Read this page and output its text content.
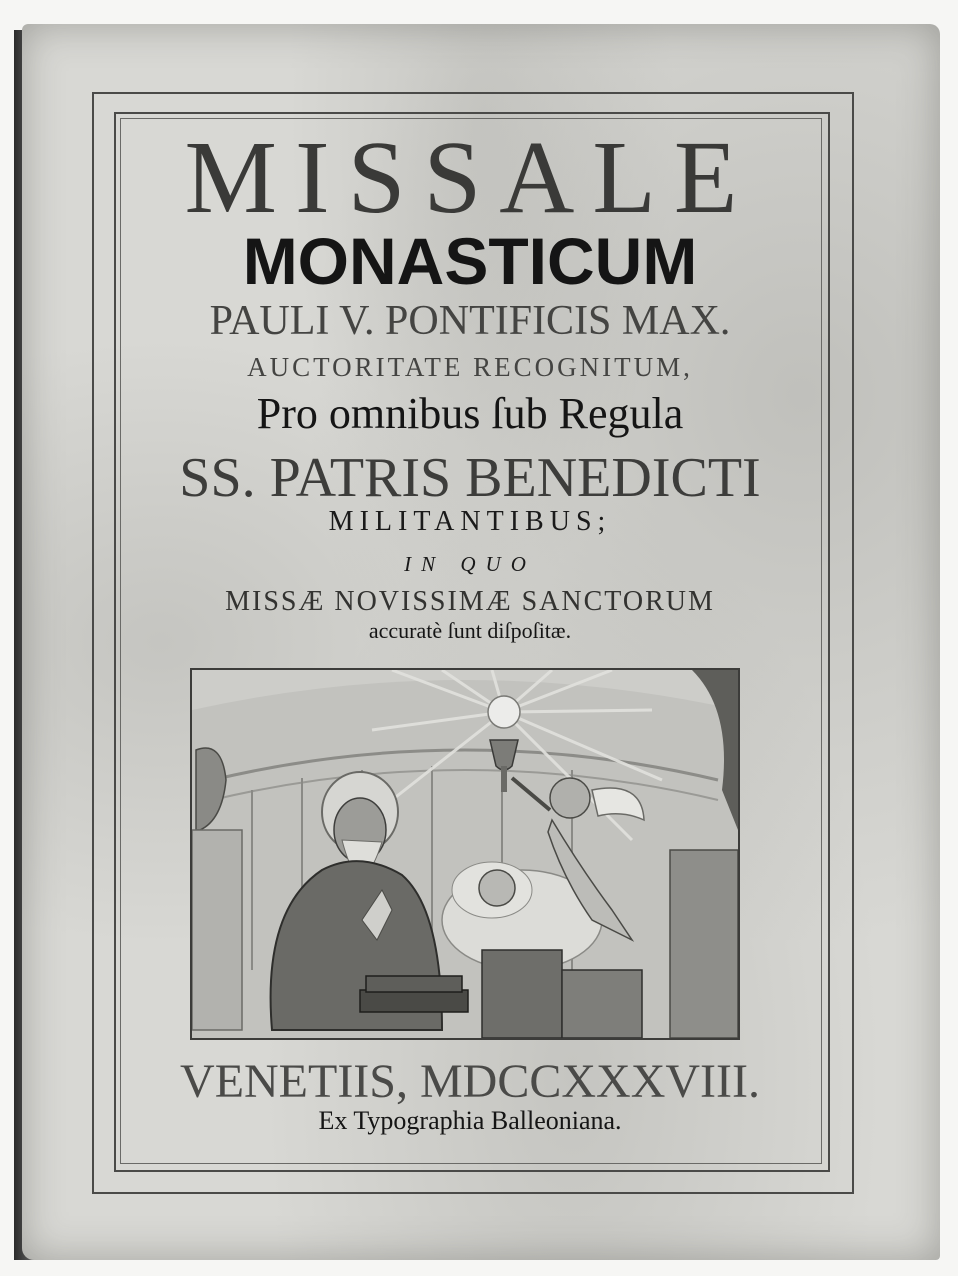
MISSALE
MONASTICUM
PAULI V. PONTIFICIS MAX.
AUCTORITATE RECOGNITUM,
Pro omnibus ſub Regula
SS. PATRIS BENEDICTI
MILITANTIBUS;
IN QUO
MISSÆ NOVISSIMÆ SANCTORUM
accuratè ſunt diſpoſitæ.
VENETIIS, MDCCXXXVIII.
Ex Typographia Balleoniana.
